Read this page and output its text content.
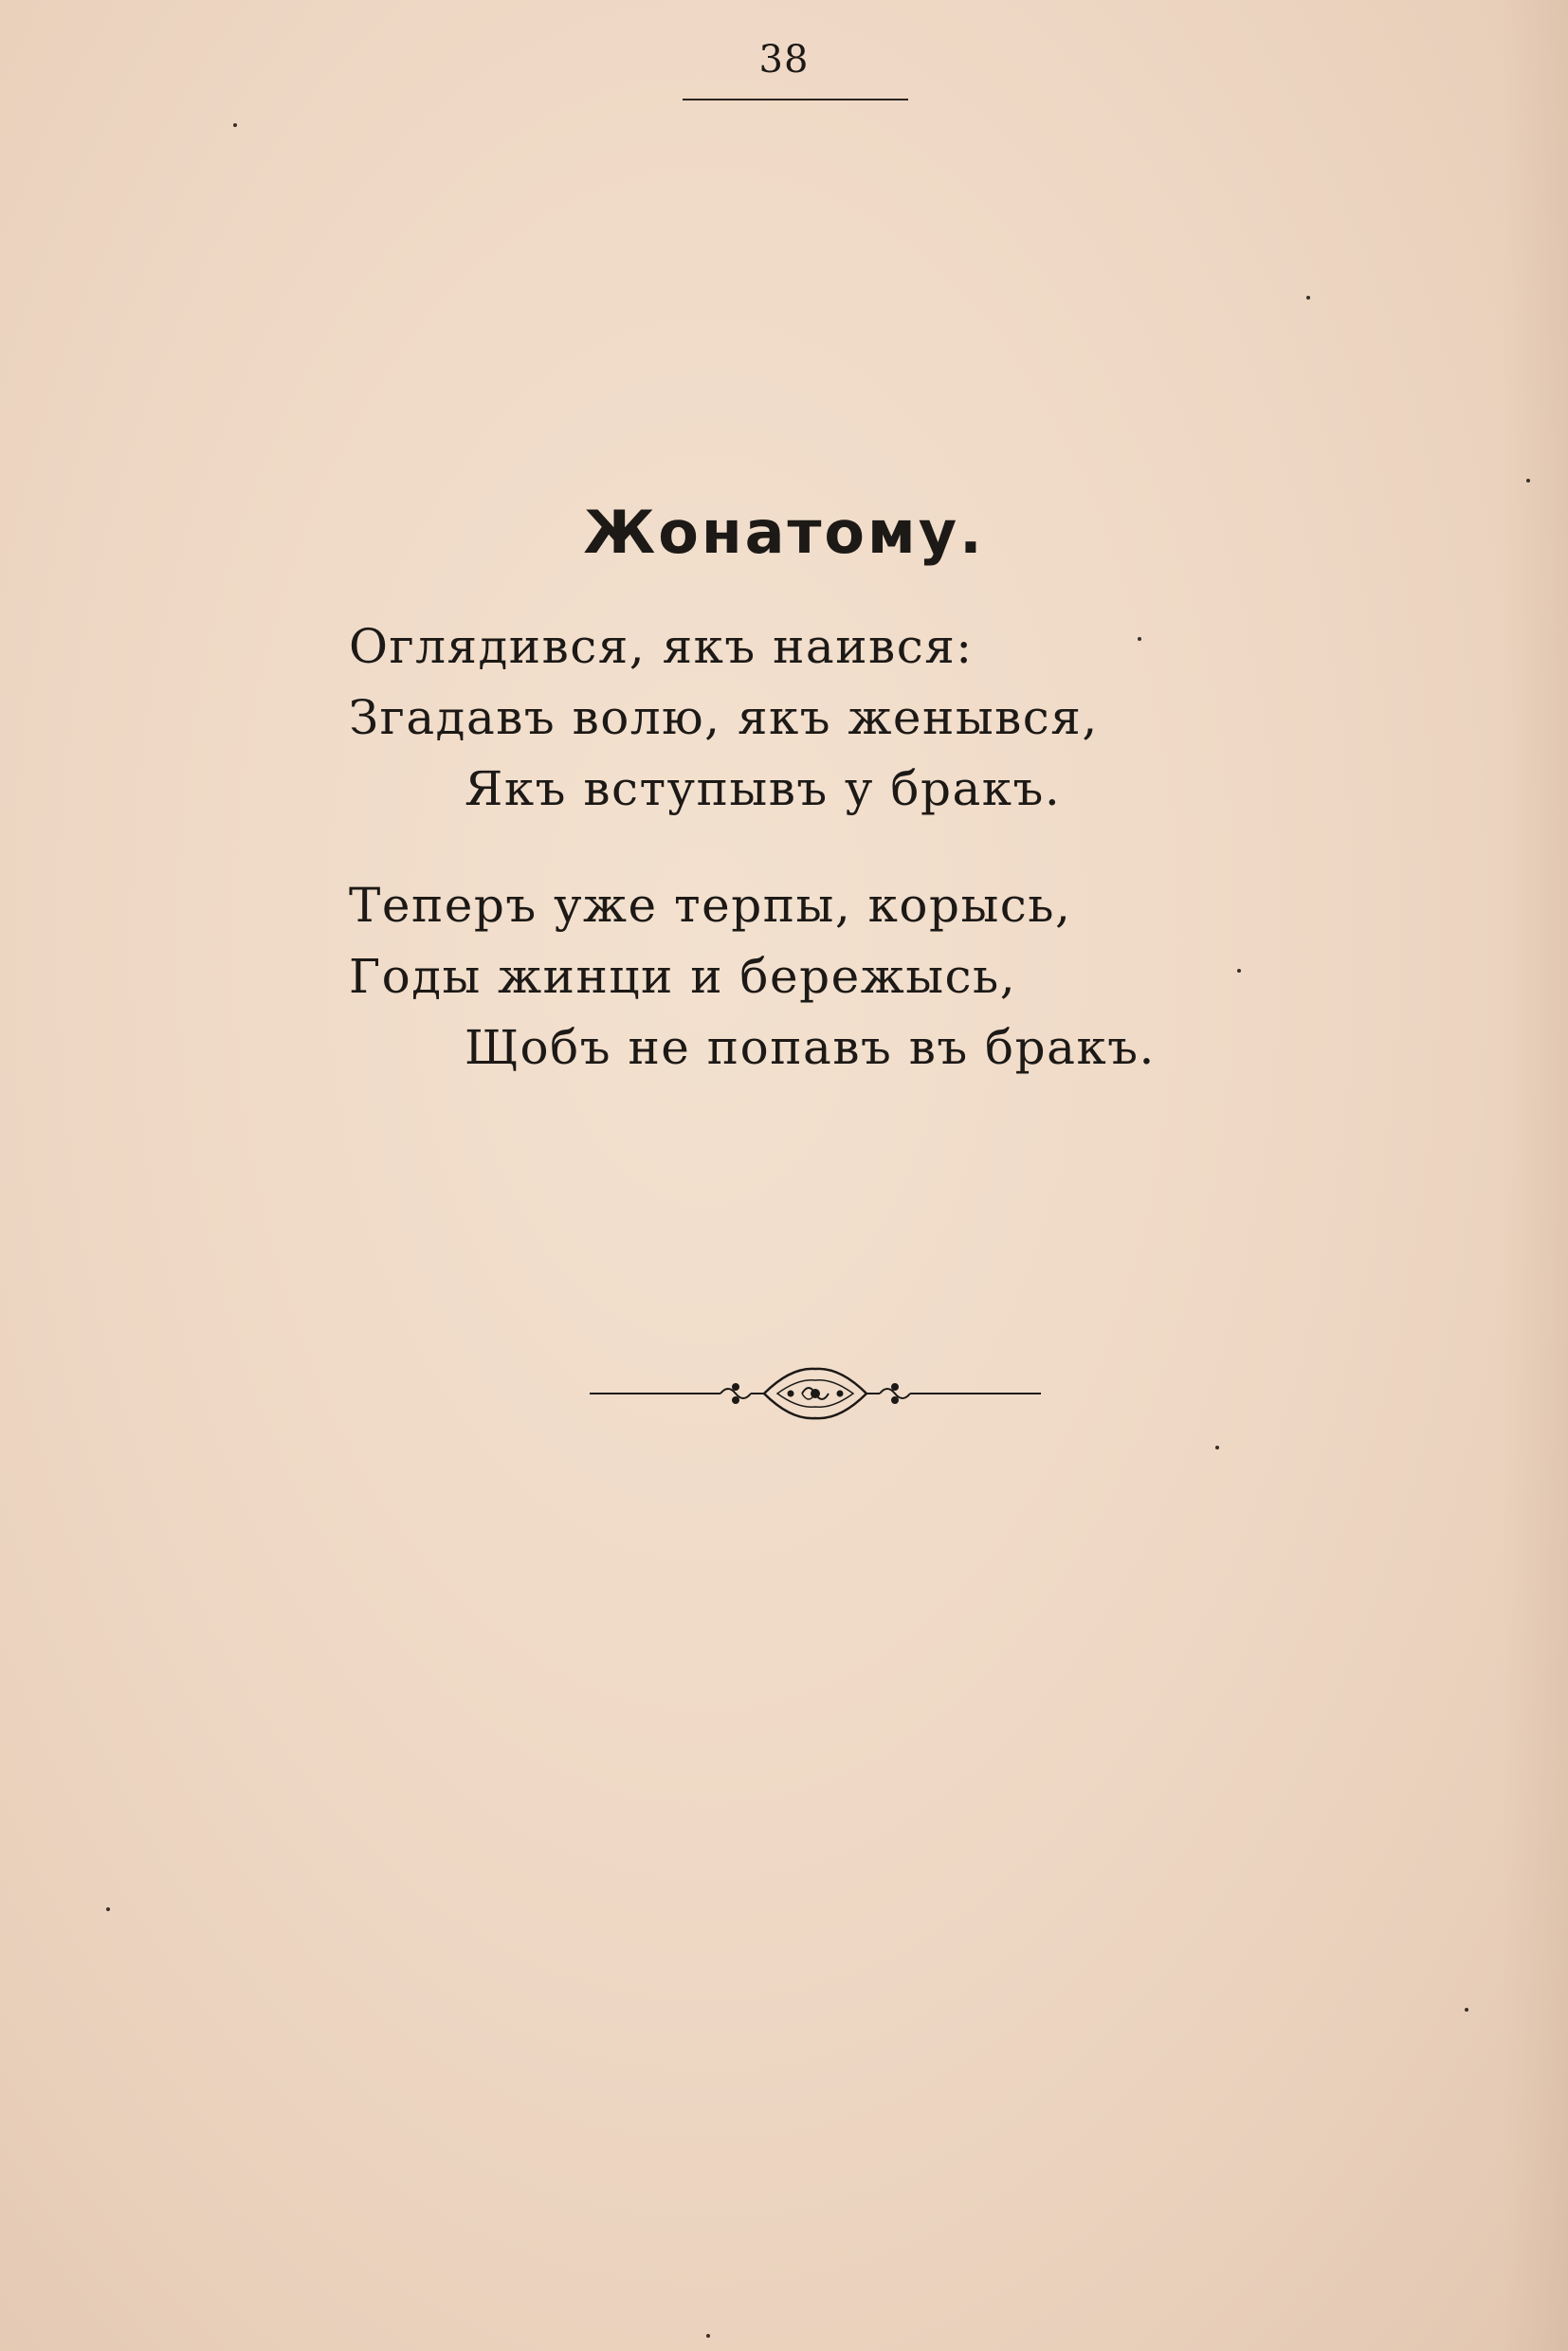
38
Жонатому.
Оглядився, якъ наився:
Згадавъ волю, якъ женывся,
Якъ вступывъ у бракъ.
Теперъ уже терпы, корысь,
Годы жинци и бережысь,
Щобъ не попавъ въ бракъ.
